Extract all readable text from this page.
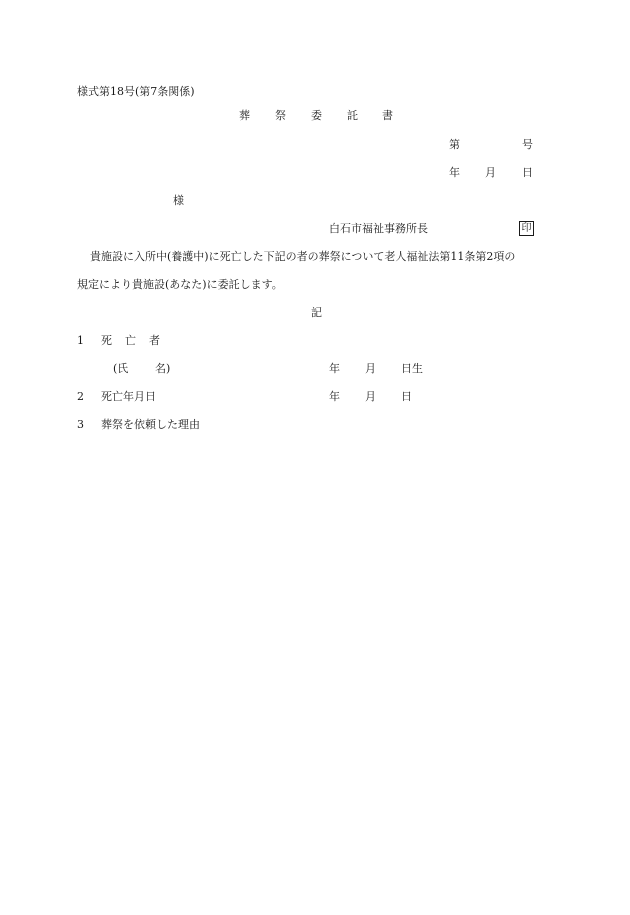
様式第18号(第7条関係)
葬 祭 委 託 書
第	号
年 月 日
様
白石市福祉事務所長	印
貴施設に入所中(養護中)に死亡した下記の者の葬祭について老人福祉法第11条第2項の
規定により貴施設(あなた)に委託します。
記
1 死 亡 者
(氏 名)	年 月 日生
2 死亡年月日	年 月 日
3 葬祭を依頼した理由
